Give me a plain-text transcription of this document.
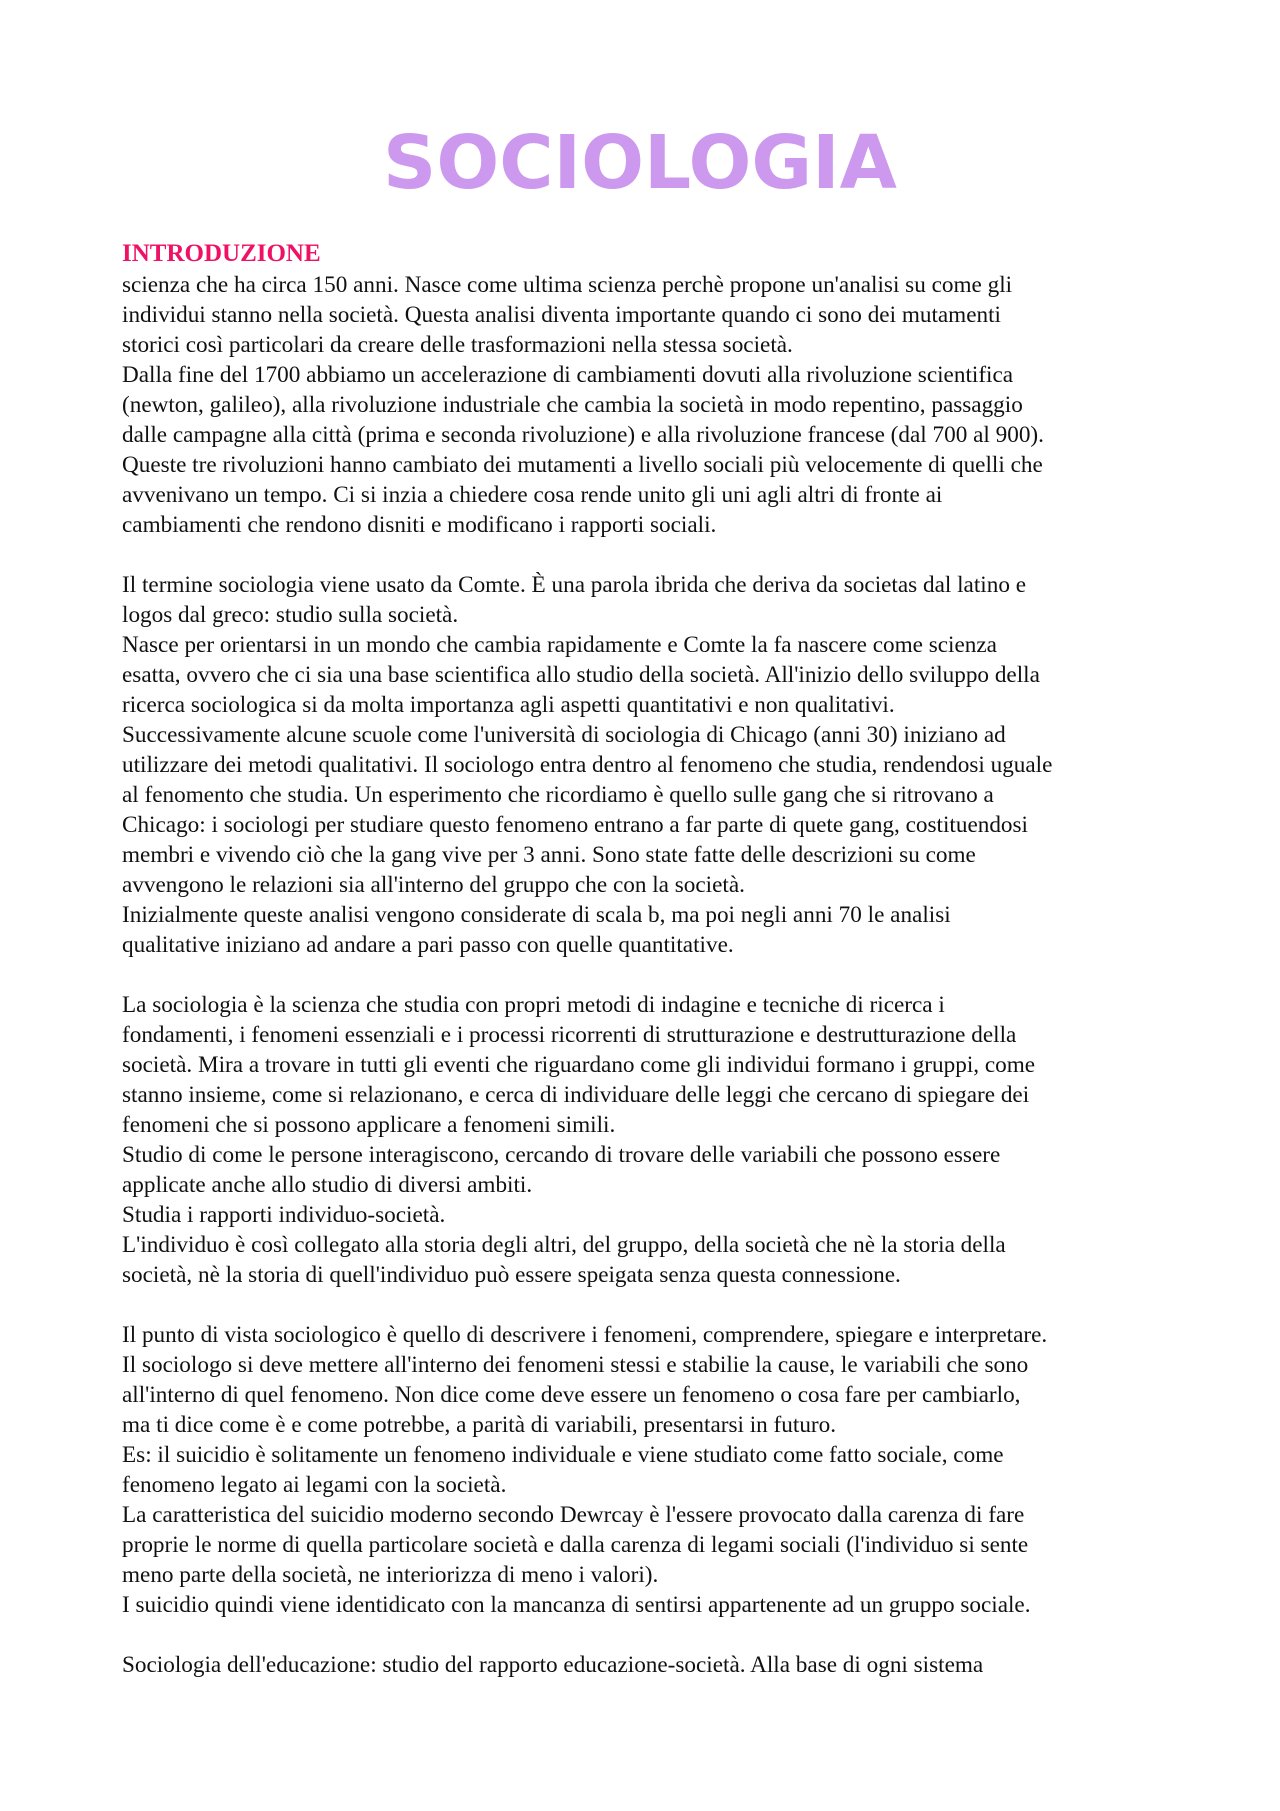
SOCIOLOGIA
INTRODUZIONE

scienza che ha circa 150 anni. Nasce come ultima scienza perchè propone un'analisi su come gli
individui stanno nella società. Questa analisi diventa importante quando ci sono dei mutamenti
storici così particolari da creare delle trasformazioni nella stessa società.
Dalla fine del 1700 abbiamo un accelerazione di cambiamenti dovuti alla rivoluzione scientifica
(newton, galileo), alla rivoluzione industriale che cambia la società in modo repentino, passaggio
dalle campagne alla città (prima e seconda rivoluzione) e alla rivoluzione francese (dal 700 al 900).
Queste tre rivoluzioni hanno cambiato dei mutamenti a livello sociali più velocemente di quelli che
avvenivano un tempo. Ci si inzia a chiedere cosa rende unito gli uni agli altri di fronte ai
cambiamenti che rendono disniti e modificano i rapporti sociali.

Il termine sociologia viene usato da Comte. È una parola ibrida che deriva da societas dal latino e
logos dal greco: studio sulla società.
Nasce per orientarsi in un mondo che cambia rapidamente e Comte la fa nascere come scienza
esatta, ovvero che ci sia una base scientifica allo studio della società. All'inizio dello sviluppo della
ricerca sociologica si da molta importanza agli aspetti quantitativi e non qualitativi.
Successivamente alcune scuole come l'università di sociologia di Chicago (anni 30) iniziano ad
utilizzare dei metodi qualitativi. Il sociologo entra dentro al fenomeno che studia, rendendosi uguale
al fenomento che studia. Un esperimento che ricordiamo è quello sulle gang che si ritrovano a
Chicago: i sociologi per studiare questo fenomeno entrano a far parte di quete gang, costituendosi
membri e vivendo ciò che la gang vive per 3 anni. Sono state fatte delle descrizioni su come
avvengono le relazioni sia all'interno del gruppo che con la società.
Inizialmente queste analisi vengono considerate di scala b, ma poi negli anni 70 le analisi
qualitative iniziano ad andare a pari passo con quelle quantitative.

La sociologia è la scienza che studia con propri metodi di indagine e tecniche di ricerca i
fondamenti, i fenomeni essenziali e i processi ricorrenti di strutturazione e destrutturazione della
società. Mira a trovare in tutti gli eventi che riguardano come gli individui formano i gruppi, come
stanno insieme, come si relazionano, e cerca di individuare delle leggi che cercano di spiegare dei
fenomeni che si possono applicare a fenomeni simili.
Studio di come le persone interagiscono, cercando di trovare delle variabili che possono essere
applicate anche allo studio di diversi ambiti.
Studia i rapporti individuo-società.
L'individuo è così collegato alla storia degli altri, del gruppo, della società che nè la storia della
società, nè la storia di quell'individuo può essere speigata senza questa connessione.

Il punto di vista sociologico è quello di descrivere i fenomeni, comprendere, spiegare e interpretare.
Il sociologo si deve mettere all'interno dei fenomeni stessi e stabilie la cause, le variabili che sono
all'interno di quel fenomeno. Non dice come deve essere un fenomeno o cosa fare per cambiarlo,
ma ti dice come è e come potrebbe, a parità di variabili, presentarsi in futuro.
Es: il suicidio è solitamente un fenomeno individuale e viene studiato come fatto sociale, come
fenomeno legato ai legami con la società.
La caratteristica del suicidio moderno secondo Dewrcay è l'essere provocato dalla carenza di fare
proprie le norme di quella particolare società e dalla carenza di legami sociali (l'individuo si sente
meno parte della società, ne interiorizza di meno i valori).
I suicidio quindi viene identidicato con la mancanza di sentirsi appartenente ad un gruppo sociale.

Sociologia dell'educazione: studio del rapporto educazione-società. Alla base di ogni sistema
